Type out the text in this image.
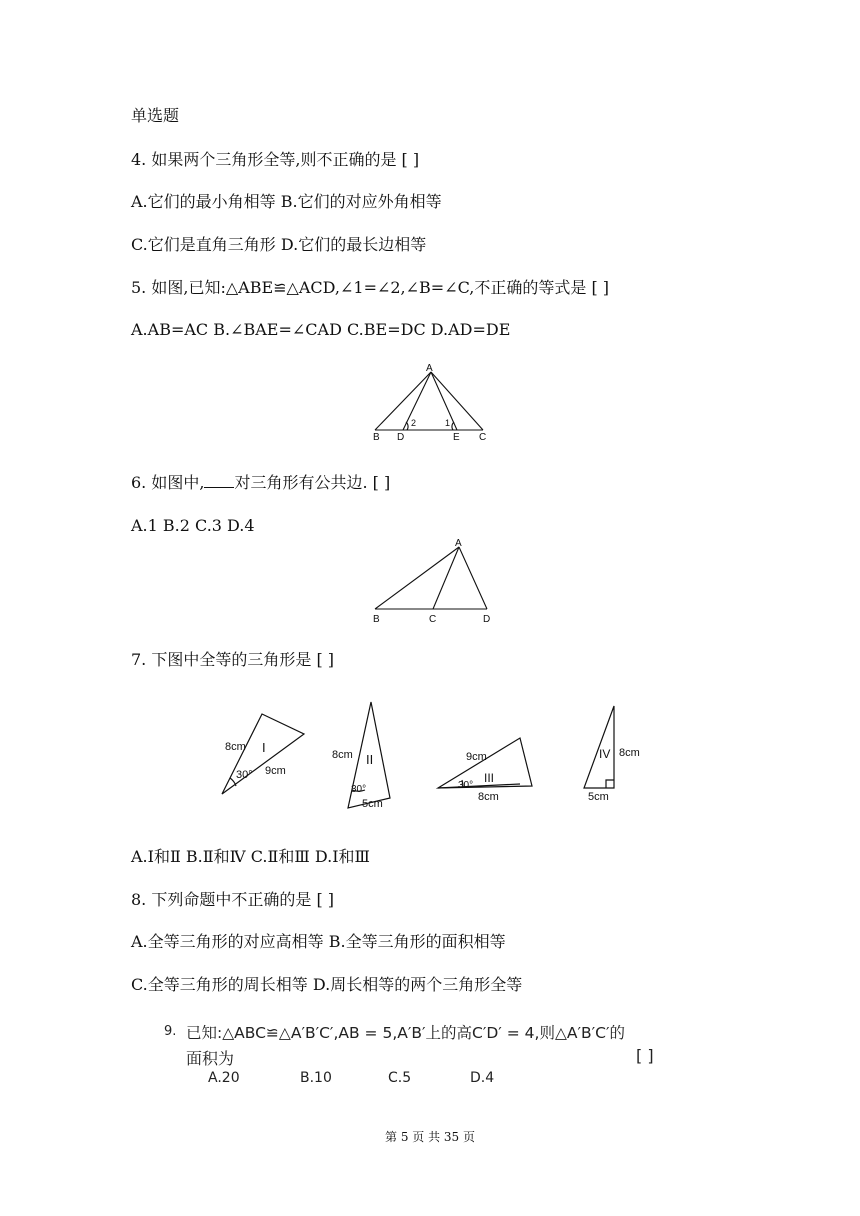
单选题
4. 如果两个三角形全等,则不正确的是 [ ]
A.它们的最小角相等 B.它们的对应外角相等
C.它们是直角三角形 D.它们的最长边相等
5. 如图,已知:△ABE≌△ACD,∠1=∠2,∠B=∠C,不正确的等式是 [ ]
A.AB=AC B.∠BAE=∠CAD C.BE=DC D.AD=DE
A
B D	E C
2	1
6. 如图中, 对三角形有公共边. [ ]
A.1 B.2 C.3 D.4
A
B	C	D
7. 下图中全等的三角形是 [ ]
8cm I
30° 9cm
8cm II
30°
5cm
9cm
III
30°
8cm
IV 8cm
5cm
A.Ⅰ和Ⅱ B.Ⅱ和Ⅳ C.Ⅱ和Ⅲ D.Ⅰ和Ⅲ
8. 下列命题中不正确的是 [ ]
A.全等三角形的对应高相等 B.全等三角形的面积相等
C.全等三角形的周长相等 D.周长相等的两个三角形全等
9. 已知:△ABC≌△A′B′C′,AB = 5,A′B′上的高C′D′ = 4,则△A′B′C′的
面积为	[ ]
A.20	B.10	C.5	D.4
第 5 页 共 35 页
